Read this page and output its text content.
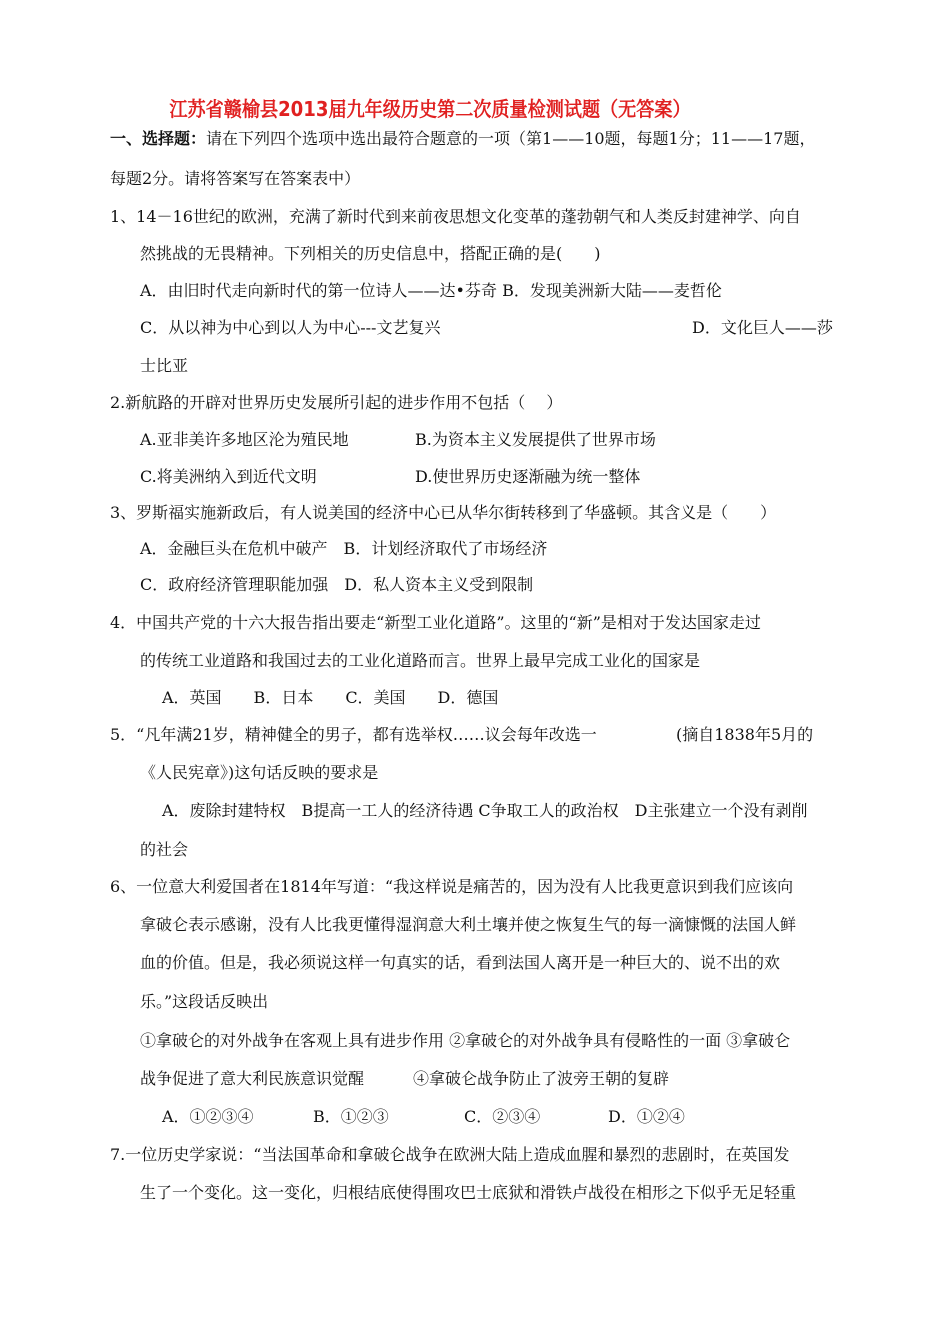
江苏省赣榆县2013届九年级历史第二次质量检测试题（无答案）
一、选择题：请在下列四个选项中选出最符合题意的一项（第1——10题，每题1分；11——17题，
每题2分。请将答案写在答案表中）
1、14－16世纪的欧洲，充满了新时代到来前夜思想文化变革的蓬勃朝气和人类反封建神学、向自
然挑战的无畏精神。下列相关的历史信息中，搭配正确的是(　　)
A．由旧时代走向新时代的第一位诗人——达•芬奇 B．发现美洲新大陆——麦哲伦
C．从以神为中心到以人为中心---文艺复兴	D．文化巨人——莎
士比亚
2.新航路的开辟对世界历史发展所引起的进步作用不包括（　 ）
A.亚非美许多地区沦为殖民地	B.为资本主义发展提供了世界市场
C.将美洲纳入到近代文明	D.使世界历史逐渐融为统一整体
3、罗斯福实施新政后，有人说美国的经济中心已从华尔街转移到了华盛顿。其含义是（　　）
A．金融巨头在危机中破产　B．计划经济取代了市场经济
C．政府经济管理职能加强　D．私人资本主义受到限制
4．中国共产党的十六大报告指出要走“新型工业化道路”。这里的“新”是相对于发达国家走过
的传统工业道路和我国过去的工业化道路而言。世界上最早完成工业化的国家是
A．英国　　B．日本　　C．美国　　D．德国
5．“凡年满21岁，精神健全的男子，都有选举权……议会每年改选一	(摘自1838年5月的
《人民宪章》)这句话反映的要求是
A．废除封建特权　B提高一工人的经济待遇 C争取工人的政治权　D主张建立一个没有剥削
的社会
6、一位意大利爱国者在1814年写道：“我这样说是痛苦的，因为没有人比我更意识到我们应该向
拿破仑表示感谢，没有人比我更懂得湿润意大利土壤并使之恢复生气的每一滴慷慨的法国人鲜
血的价值。但是，我必须说这样一句真实的话，看到法国人离开是一种巨大的、说不出的欢
乐。”这段话反映出
①拿破仑的对外战争在客观上具有进步作用 ②拿破仑的对外战争具有侵略性的一面 ③拿破仑
战争促进了意大利民族意识觉醒	④拿破仑战争防止了波旁王朝的复辟
A．①②③④	B．①②③	C．②③④	D．①②④
7.一位历史学家说：“当法国革命和拿破仑战争在欧洲大陆上造成血腥和暴烈的悲剧时，在英国发
生了一个变化。这一变化，归根结底使得围攻巴士底狱和滑铁卢战役在相形之下似乎无足轻重
